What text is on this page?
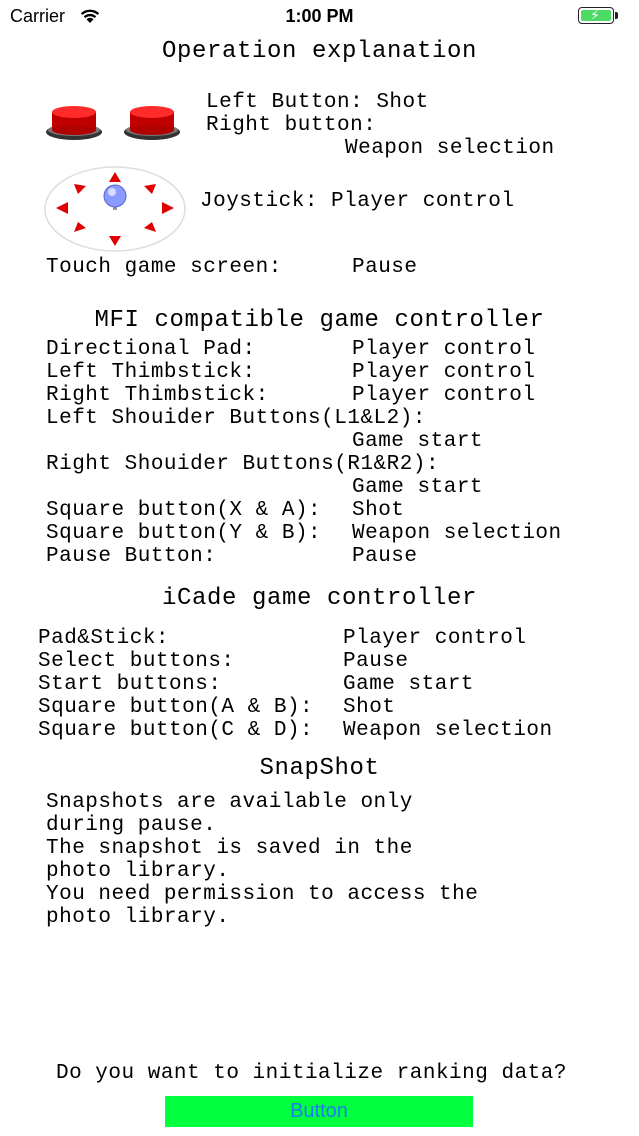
Carrier	1:00 PM

	⚡

Operation explanation
Left Button: Shot
Right button:
Weapon selection
Joystick: Player control
Touch game screen:	Pause
MFI compatible game controller
Directional Pad:	Player control
Left Thimbstick:	Player control
Right Thimbstick:	Player control
Left Shouider Buttons(L1&L2):
Game start
Right Shouider Buttons(R1&R2):
Game start
Square button(X & A): Shot
Square button(Y & B): Weapon selection
Pause Button:	Pause
iCade game controller
Pad&Stick:	Player control
Select buttons:	Pause
Start buttons:	Game start
Square button(A & B): Shot
Square button(C & D): Weapon selection
SnapShot
Snapshots are available only
during pause.
The snapshot is saved in the
photo library.
You need permission to access the
photo library.
Do you want to initialize ranking data?
Button
